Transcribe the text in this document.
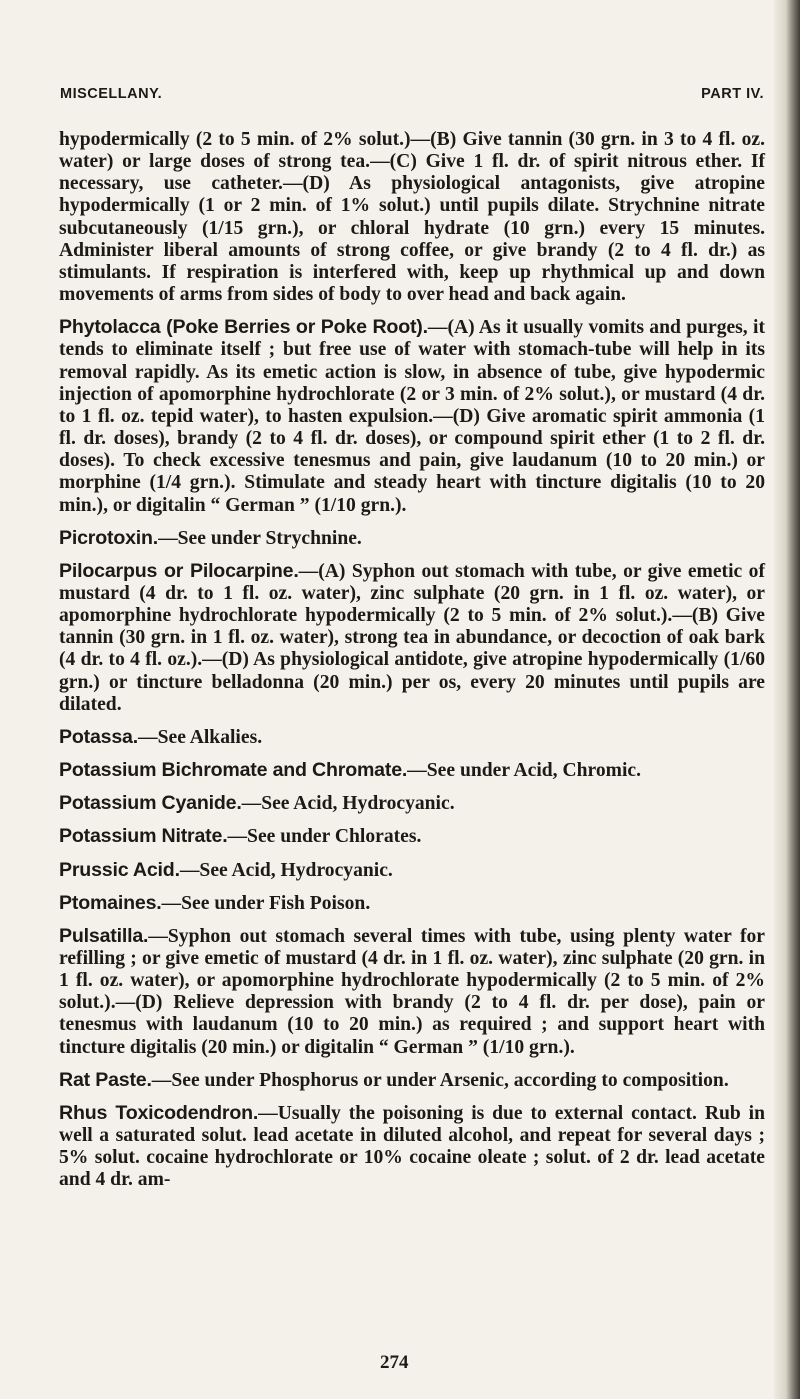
MISCELLANY.	PART IV.

hypodermically (2 to 5 min. of 2% solut.)—(B) Give tannin (30 grn. in 3 to 4 fl. oz. water) or large doses of strong tea.—(C) Give 1 fl. dr. of spirit nitrous ether. If necessary, use catheter.—(D) As physiological antagonists, give atropine hypodermically (1 or 2 min. of 1% solut.) until pupils dilate. Strychnine nitrate subcutaneously (1/15 grn.), or chloral hydrate (10 grn.) every 15 minutes. Administer liberal amounts of strong coffee, or give brandy (2 to 4 fl. dr.) as stimulants. If respiration is interfered with, keep up rhythmical up and down movements of arms from sides of body to over head and back again.

Phytolacca (Poke Berries or Poke Root).—(A) As it usually vomits and purges, it tends to eliminate itself ; but free use of water with stomach-tube will help in its removal rapidly. As its emetic action is slow, in absence of tube, give hypodermic injection of apomorphine hydrochlorate (2 or 3 min. of 2% solut.), or mustard (4 dr. to 1 fl. oz. tepid water), to hasten expulsion.—(D) Give aromatic spirit ammonia (1 fl. dr. doses), brandy (2 to 4 fl. dr. doses), or compound spirit ether (1 to 2 fl. dr. doses). To check excessive tenesmus and pain, give laudanum (10 to 20 min.) or morphine (1/4 grn.). Stimulate and steady heart with tincture digitalis (10 to 20 min.), or digitalin “ German ” (1/10 grn.).

Picrotoxin.—See under Strychnine.

Pilocarpus or Pilocarpine.—(A) Syphon out stomach with tube, or give emetic of mustard (4 dr. to 1 fl. oz. water), zinc sulphate (20 grn. in 1 fl. oz. water), or apomorphine hydrochlorate hypodermically (2 to 5 min. of 2% solut.).—(B) Give tannin (30 grn. in 1 fl. oz. water), strong tea in abundance, or decoction of oak bark (4 dr. to 4 fl. oz.).—(D) As physiological antidote, give atropine hypodermically (1/60 grn.) or tincture belladonna (20 min.) per os, every 20 minutes until pupils are dilated.

Potassa.—See Alkalies.

Potassium Bichromate and Chromate.—See under Acid, Chromic.

Potassium Cyanide.—See Acid, Hydrocyanic.

Potassium Nitrate.—See under Chlorates.

Prussic Acid.—See Acid, Hydrocyanic.

Ptomaines.—See under Fish Poison.

Pulsatilla.—Syphon out stomach several times with tube, using plenty water for refilling ; or give emetic of mustard (4 dr. in 1 fl. oz. water), zinc sulphate (20 grn. in 1 fl. oz. water), or apomorphine hydrochlorate hypodermically (2 to 5 min. of 2% solut.).—(D) Relieve depression with brandy (2 to 4 fl. dr. per dose), pain or tenesmus with laudanum (10 to 20 min.) as required ; and support heart with tincture digitalis (20 min.) or digitalin “ German ” (1/10 grn.).

Rat Paste.—See under Phosphorus or under Arsenic, according to composition.

Rhus Toxicodendron.—Usually the poisoning is due to external contact. Rub in well a saturated solut. lead acetate in diluted alcohol, and repeat for several days ; 5% solut. cocaine hydrochlorate or 10% cocaine oleate ; solut. of 2 dr. lead acetate and 4 dr. am-

274
